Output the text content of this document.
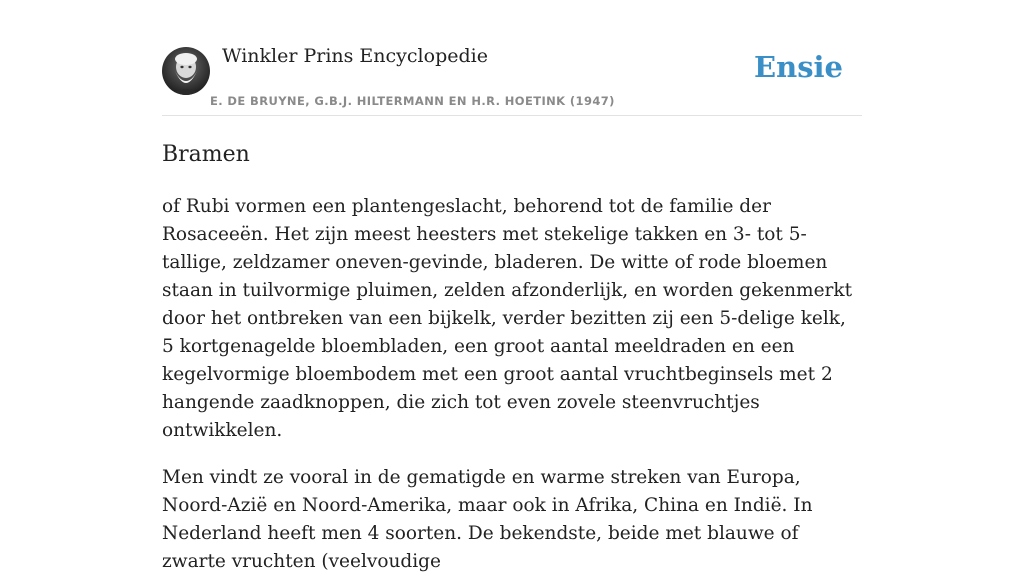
Winkler Prins Encyclopedie
E. DE BRUYNE, G.B.J. HILTERMANN EN H.R. HOETINK (1947)
Ensie
Bramen

of Rubi vormen een plantengeslacht, behorend tot de familie der Rosaceeën. Het zijn meest heesters met stekelige takken en 3- tot 5-tallige, zeldzamer oneven-gevinde, bladeren. De witte of rode bloemen staan in tuilvormige pluimen, zelden afzonderlijk, en worden gekenmerkt door het ontbreken van een bijkelk, verder bezitten zij een 5-delige kelk, 5 kortgenagelde bloembladen, een groot aantal meeldraden en een kegelvormige bloembodem met een groot aantal vruchtbeginsels met 2 hangende zaadknoppen, die zich tot even zovele steenvruchtjes ontwikkelen.

Men vindt ze vooral in de gematigde en warme streken van Europa, Noord-Azië en Noord-Amerika, maar ook in Afrika, China en Indië. In Nederland heeft men 4 soorten. De bekendste, beide met blauwe of zwarte vruchten (veelvoudige
